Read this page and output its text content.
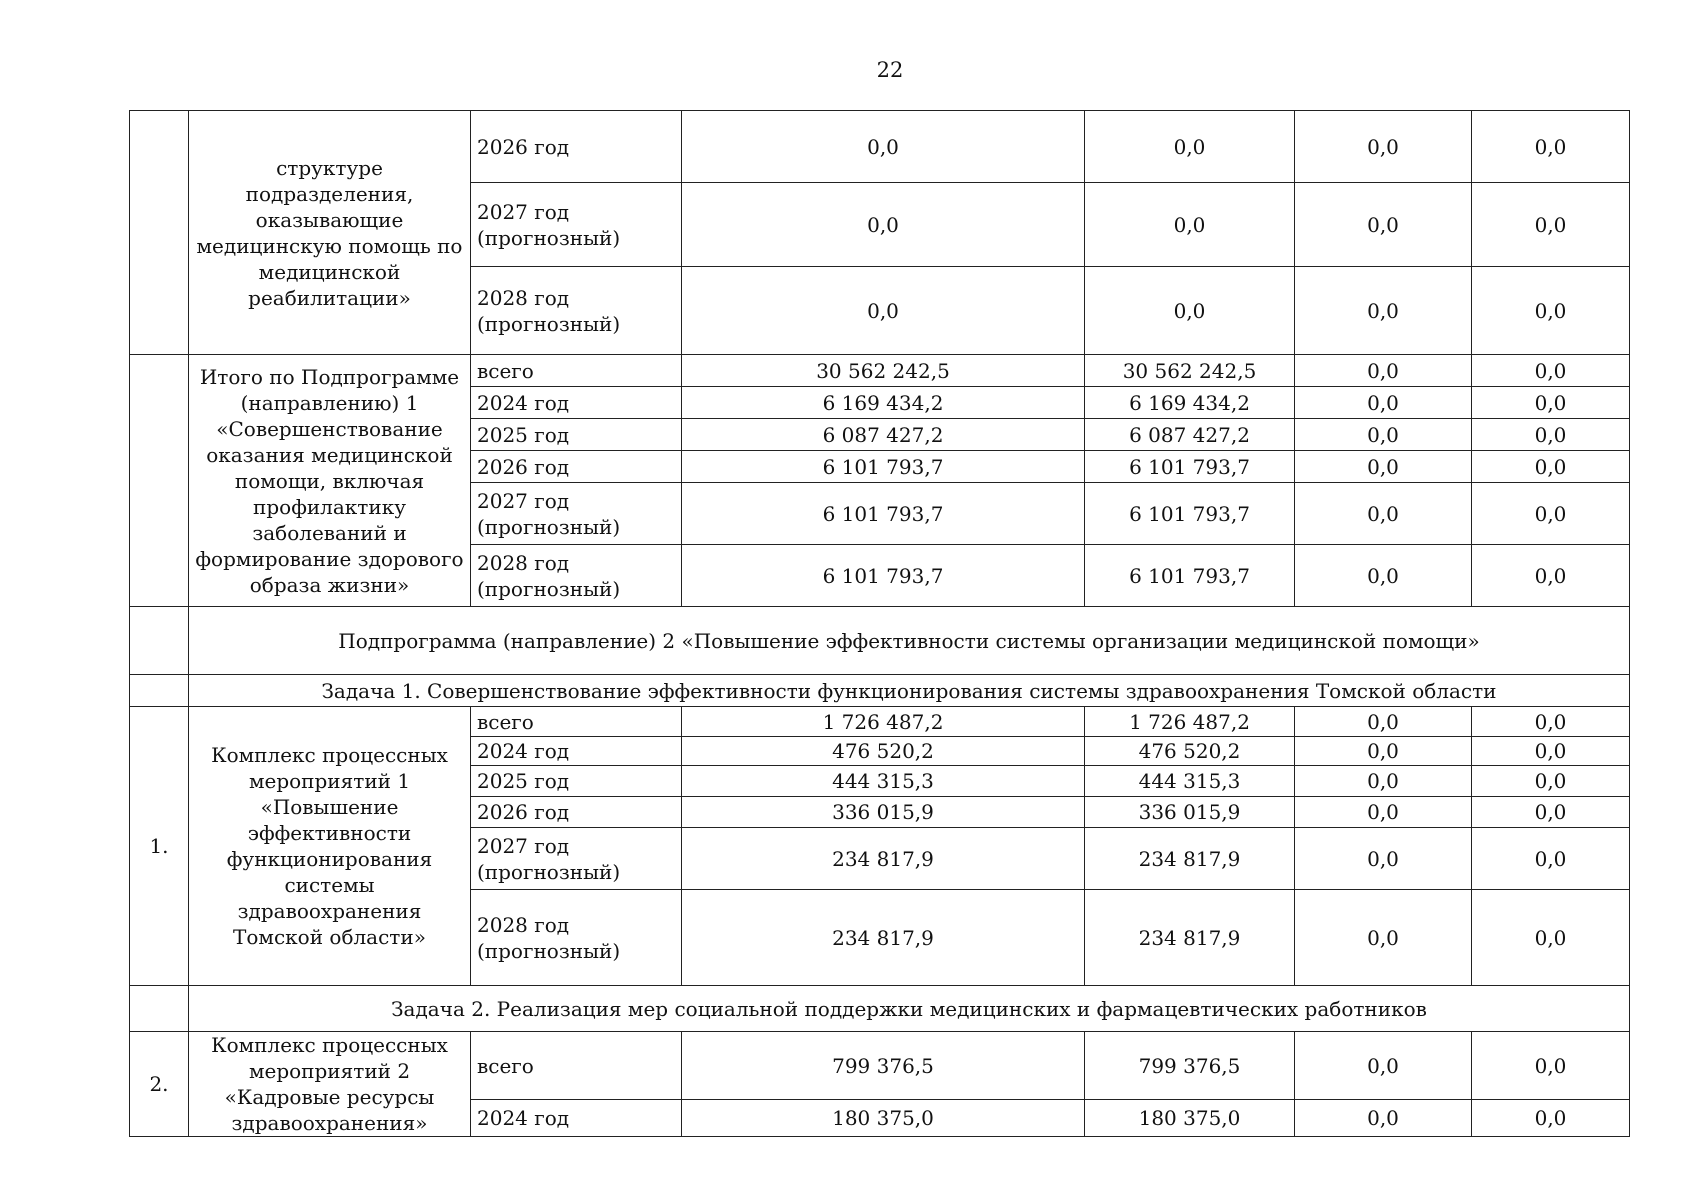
22
	структуре подразделения, оказывающие медицинскую помощь по медицинской реабилитации»	2026 год	0,0	0,0	0,0	0,0
		2027 год (прогнозный)	0,0	0,0	0,0	0,0
		2028 год (прогнозный)	0,0	0,0	0,0	0,0
	Итого по Подпрограмме (направлению) 1 «Совершенствование оказания медицинской помощи, включая профилактику заболеваний и формирование здорового образа жизни»	всего	30 562 242,5	30 562 242,5	0,0	0,0
		2024 год	6 169 434,2	6 169 434,2	0,0	0,0
		2025 год	6 087 427,2	6 087 427,2	0,0	0,0
		2026 год	6 101 793,7	6 101 793,7	0,0	0,0
		2027 год (прогнозный)	6 101 793,7	6 101 793,7	0,0	0,0
		2028 год (прогнозный)	6 101 793,7	6 101 793,7	0,0	0,0
	Подпрограмма (направление) 2 «Повышение эффективности системы организации медицинской помощи»					
	Задача 1. Совершенствование эффективности функционирования системы здравоохранения Томской области					
1.	Комплекс процессных мероприятий 1 «Повышение эффективности функционирования системы здравоохранения Томской области»	всего	1 726 487,2	1 726 487,2	0,0	0,0
		2024 год	476 520,2	476 520,2	0,0	0,0
		2025 год	444 315,3	444 315,3	0,0	0,0
		2026 год	336 015,9	336 015,9	0,0	0,0
		2027 год (прогнозный)	234 817,9	234 817,9	0,0	0,0
		2028 год (прогнозный)	234 817,9	234 817,9	0,0	0,0
	Задача 2. Реализация мер социальной поддержки медицинских и фармацевтических работников					
2.	Комплекс процессных мероприятий 2 «Кадровые ресурсы здравоохранения»	всего	799 376,5	799 376,5	0,0	0,0
		2024 год	180 375,0	180 375,0	0,0	0,0
